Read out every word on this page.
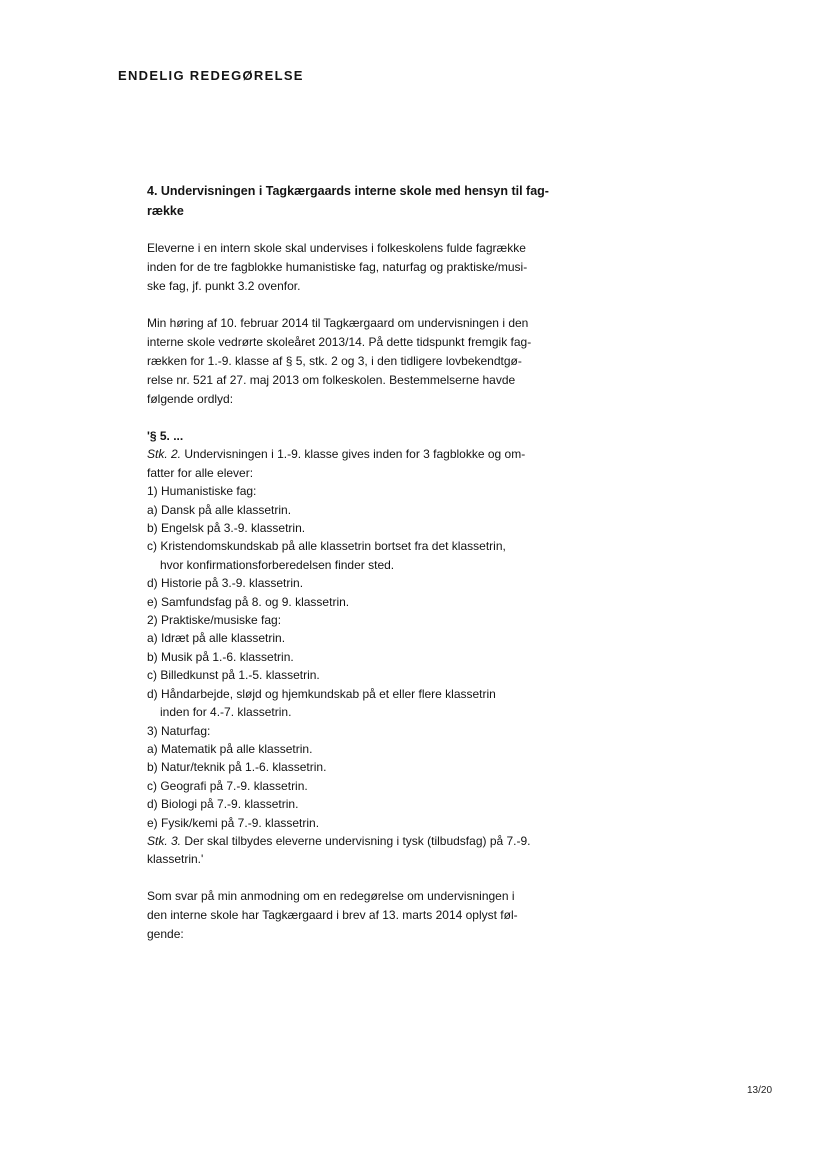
ENDELIG REDEGØRELSE
4. Undervisningen i Tagkærgaards interne skole med hensyn til fag-
række

Eleverne i en intern skole skal undervises i folkeskolens fulde fagrække
inden for de tre fagblokke humanistiske fag, naturfag og praktiske/musi-
ske fag, jf. punkt 3.2 ovenfor.

Min høring af 10. februar 2014 til Tagkærgaard om undervisningen i den
interne skole vedrørte skoleåret 2013/14. På dette tidspunkt fremgik fag-
rækken for 1.-9. klasse af § 5, stk. 2 og 3, i den tidligere lovbekendtgø-
relse nr. 521 af 27. maj 2013 om folkeskolen. Bestemmelserne havde
følgende ordlyd:

'§ 5. ...
Stk. 2. Undervisningen i 1.-9. klasse gives inden for 3 fagblokke og om-
fatter for alle elever:
1) Humanistiske fag:
a) Dansk på alle klassetrin.
b) Engelsk på 3.-9. klassetrin.
c) Kristendomskundskab på alle klassetrin bortset fra det klassetrin,
hvor konfirmationsforberedelsen finder sted.
d) Historie på 3.-9. klassetrin.
e) Samfundsfag på 8. og 9. klassetrin.
2) Praktiske/musiske fag:
a) Idræt på alle klassetrin.
b) Musik på 1.-6. klassetrin.
c) Billedkunst på 1.-5. klassetrin.
d) Håndarbejde, sløjd og hjemkundskab på et eller flere klassetrin
inden for 4.-7. klassetrin.
3) Naturfag:
a) Matematik på alle klassetrin.
b) Natur/teknik på 1.-6. klassetrin.
c) Geografi på 7.-9. klassetrin.
d) Biologi på 7.-9. klassetrin.
e) Fysik/kemi på 7.-9. klassetrin.
Stk. 3. Der skal tilbydes eleverne undervisning i tysk (tilbudsfag) på 7.-9.
klassetrin.'

Som svar på min anmodning om en redegørelse om undervisningen i
den interne skole har Tagkærgaard i brev af 13. marts 2014 oplyst føl-
gende:

13/20
